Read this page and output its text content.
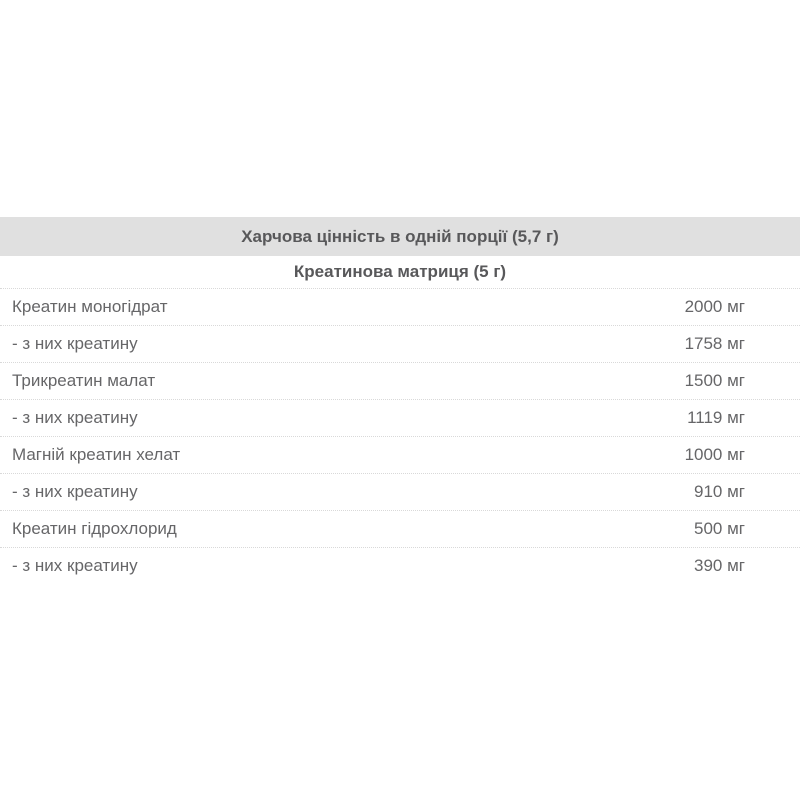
Харчова цінність в одній порції (5,7 г)
Креатинова матриця (5 г)
Креатин моногідрат	2000 мг
- з них креатину	1758 мг
Трикреатин малат	1500 мг
- з них креатину	1119 мг
Магній креатин хелат	1000 мг
- з них креатину	910 мг
Креатин гідрохлорид	500 мг
- з них креатину	390 мг
